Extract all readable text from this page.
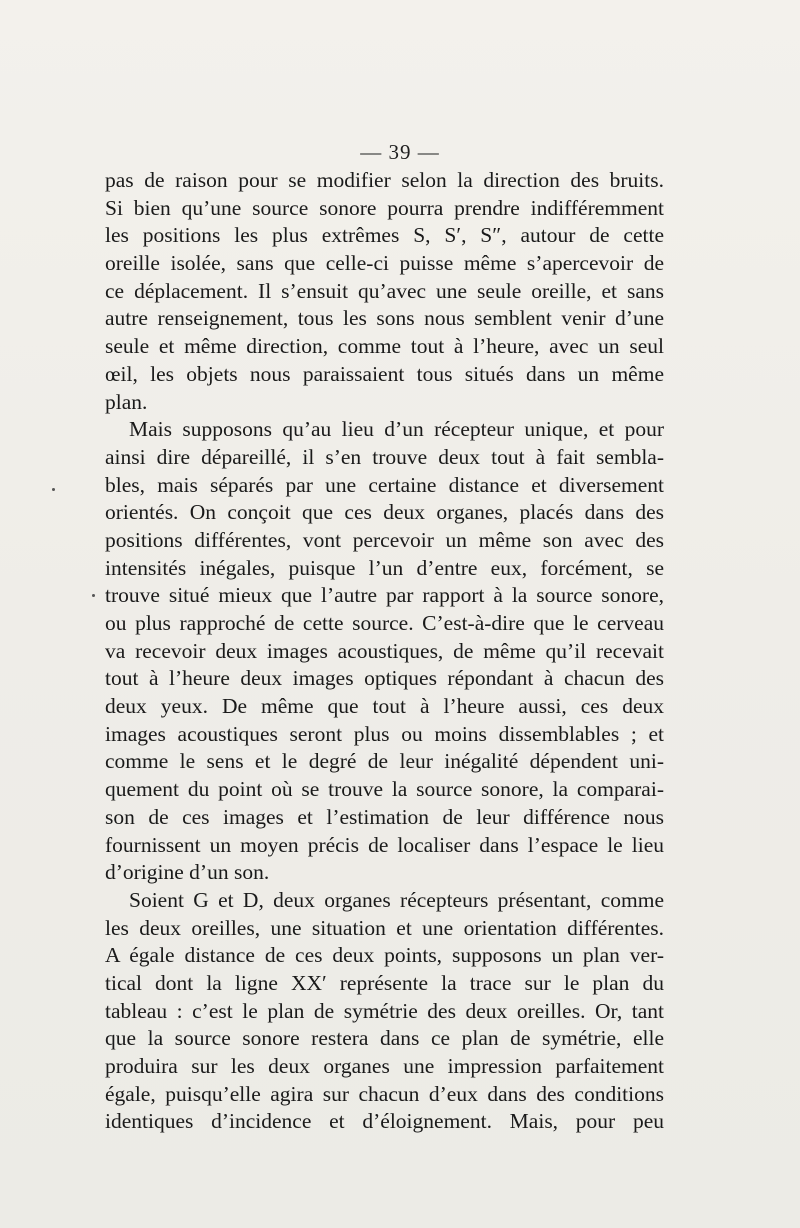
— 39 —
pas de raison pour se modifier selon la direction des bruits.
Si bien qu’une source sonore pourra prendre indifféremment
les positions les plus extrêmes S, S′, S″, autour de cette
oreille isolée, sans que celle-ci puisse même s’apercevoir de
ce déplacement. Il s’ensuit qu’avec une seule oreille, et sans
autre renseignement, tous les sons nous semblent venir d’une
seule et même direction, comme tout à l’heure, avec un seul
œil, les objets nous paraissaient tous situés dans un même
plan.
Mais supposons qu’au lieu d’un récepteur unique, et pour
ainsi dire dépareillé, il s’en trouve deux tout à fait sembla-
bles, mais séparés par une certaine distance et diversement
orientés. On conçoit que ces deux organes, placés dans des
positions différentes, vont percevoir un même son avec des
intensités inégales, puisque l’un d’entre eux, forcément, se
trouve situé mieux que l’autre par rapport à la source sonore,
ou plus rapproché de cette source. C’est-à-dire que le cerveau
va recevoir deux images acoustiques, de même qu’il recevait
tout à l’heure deux images optiques répondant à chacun des
deux yeux. De même que tout à l’heure aussi, ces deux
images acoustiques seront plus ou moins dissemblables ; et
comme le sens et le degré de leur inégalité dépendent uni-
quement du point où se trouve la source sonore, la comparai-
son de ces images et l’estimation de leur différence nous
fournissent un moyen précis de localiser dans l’espace le lieu
d’origine d’un son.
Soient G et D, deux organes récepteurs présentant, comme
les deux oreilles, une situation et une orientation différentes.
A égale distance de ces deux points, supposons un plan ver-
tical dont la ligne XX′ représente la trace sur le plan du
tableau : c’est le plan de symétrie des deux oreilles. Or, tant
que la source sonore restera dans ce plan de symétrie, elle
produira sur les deux organes une impression parfaitement
égale, puisqu’elle agira sur chacun d’eux dans des conditions
identiques d’incidence et d’éloignement. Mais, pour peu
